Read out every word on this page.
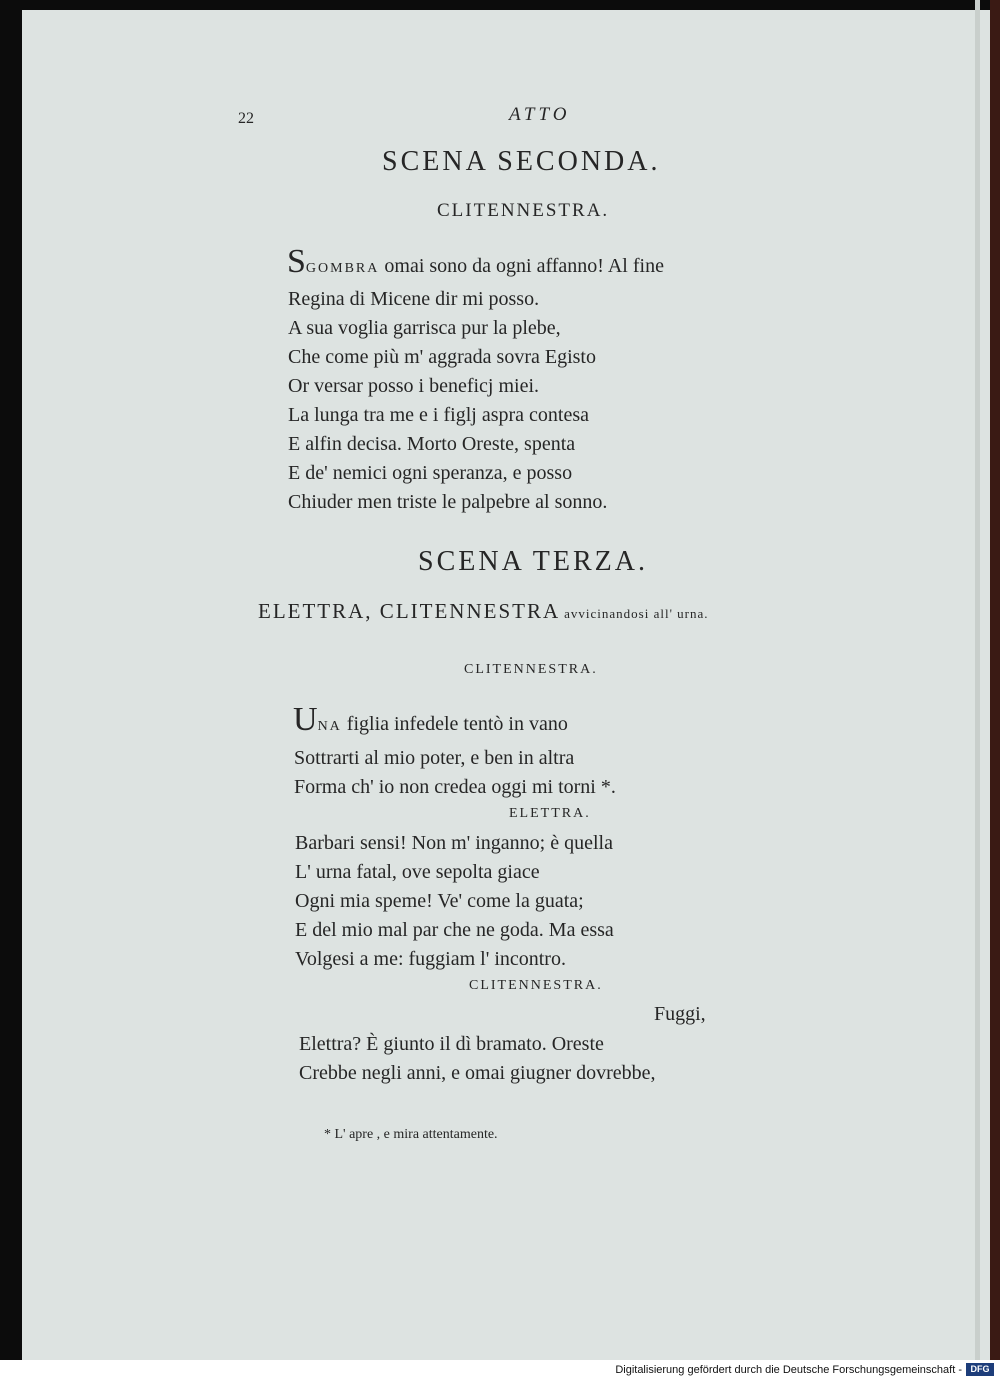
22	ATTO
SCENA SECONDA.
CLITENNESTRA.
SGOMBRA omai sono da ogni affanno! Al fine
Regina di Micene dir mi posso.
A sua voglia garrisca pur la plebe,
Che come più m' aggrada sovra Egisto
Or versar posso i beneficj miei.
La lunga tra me e i figlj aspra contesa
E alfin decisa. Morto Oreste, spenta
E de' nemici ogni speranza, e posso
Chiuder men triste le palpebre al sonno.
SCENA TERZA.
ELETTRA, CLITENNESTRA avvicinandosi all' urna.
CLITENNESTRA.
UNA figlia infedele tentò in vano
Sottrarti al mio poter, e ben in altra
Forma ch' io non credea oggi mi torni *.
ELETTRA.
Barbari sensi! Non m' inganno; è quella
L' urna fatal, ove sepolta giace
Ogni mia speme! Ve' come la guata;
E del mio mal par che ne goda. Ma essa
Volgesi a me: fuggiam l' incontro.
CLITENNESTRA.
Fuggi,
Elettra? È giunto il dì bramato. Oreste
Crebbe negli anni, e omai giugner dovrebbe,
* L' apre , e mira attentamente.
Digitalisierung gefördert durch die Deutsche Forschungsgemeinschaft - DFG
